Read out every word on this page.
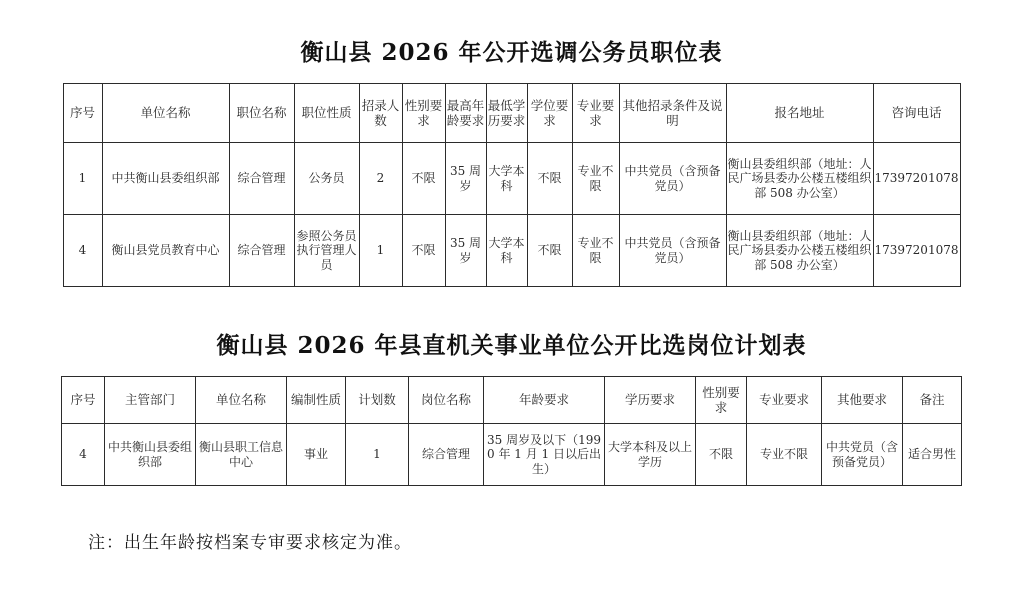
衡山县 2026 年公开选调公务员职位表
序号	单位名称	职位名称	职位性质	招录人数	性别要求	最高年龄要求	最低学历要求	学位要求	专业要求	其他招录条件及说明	报名地址	咨询电话
1	中共衡山县委组织部	综合管理	公务员	2	不限	35 周岁	大学本科	不限	专业不限	中共党员（含预备党员）	衡山县委组织部（地址：人民广场县委办公楼五楼组织部 508 办公室）	17397201078
4	衡山县党员教育中心	综合管理	参照公务员执行管理人员	1	不限	35 周岁	大学本科	不限	专业不限	中共党员（含预备党员）	衡山县委组织部（地址：人民广场县委办公楼五楼组织部 508 办公室）	17397201078
衡山县 2026 年县直机关事业单位公开比选岗位计划表
序号	主管部门	单位名称	编制性质	计划数	岗位名称	年龄要求	学历要求	性别要求	专业要求	其他要求	备注
4	中共衡山县委组织部	衡山县职工信息中心	事业	1	综合管理	35 周岁及以下（1990 年 1 月 1 日以后出生）	大学本科及以上学历	不限	专业不限	中共党员（含预备党员）	适合男性
注：出生年龄按档案专审要求核定为准。
